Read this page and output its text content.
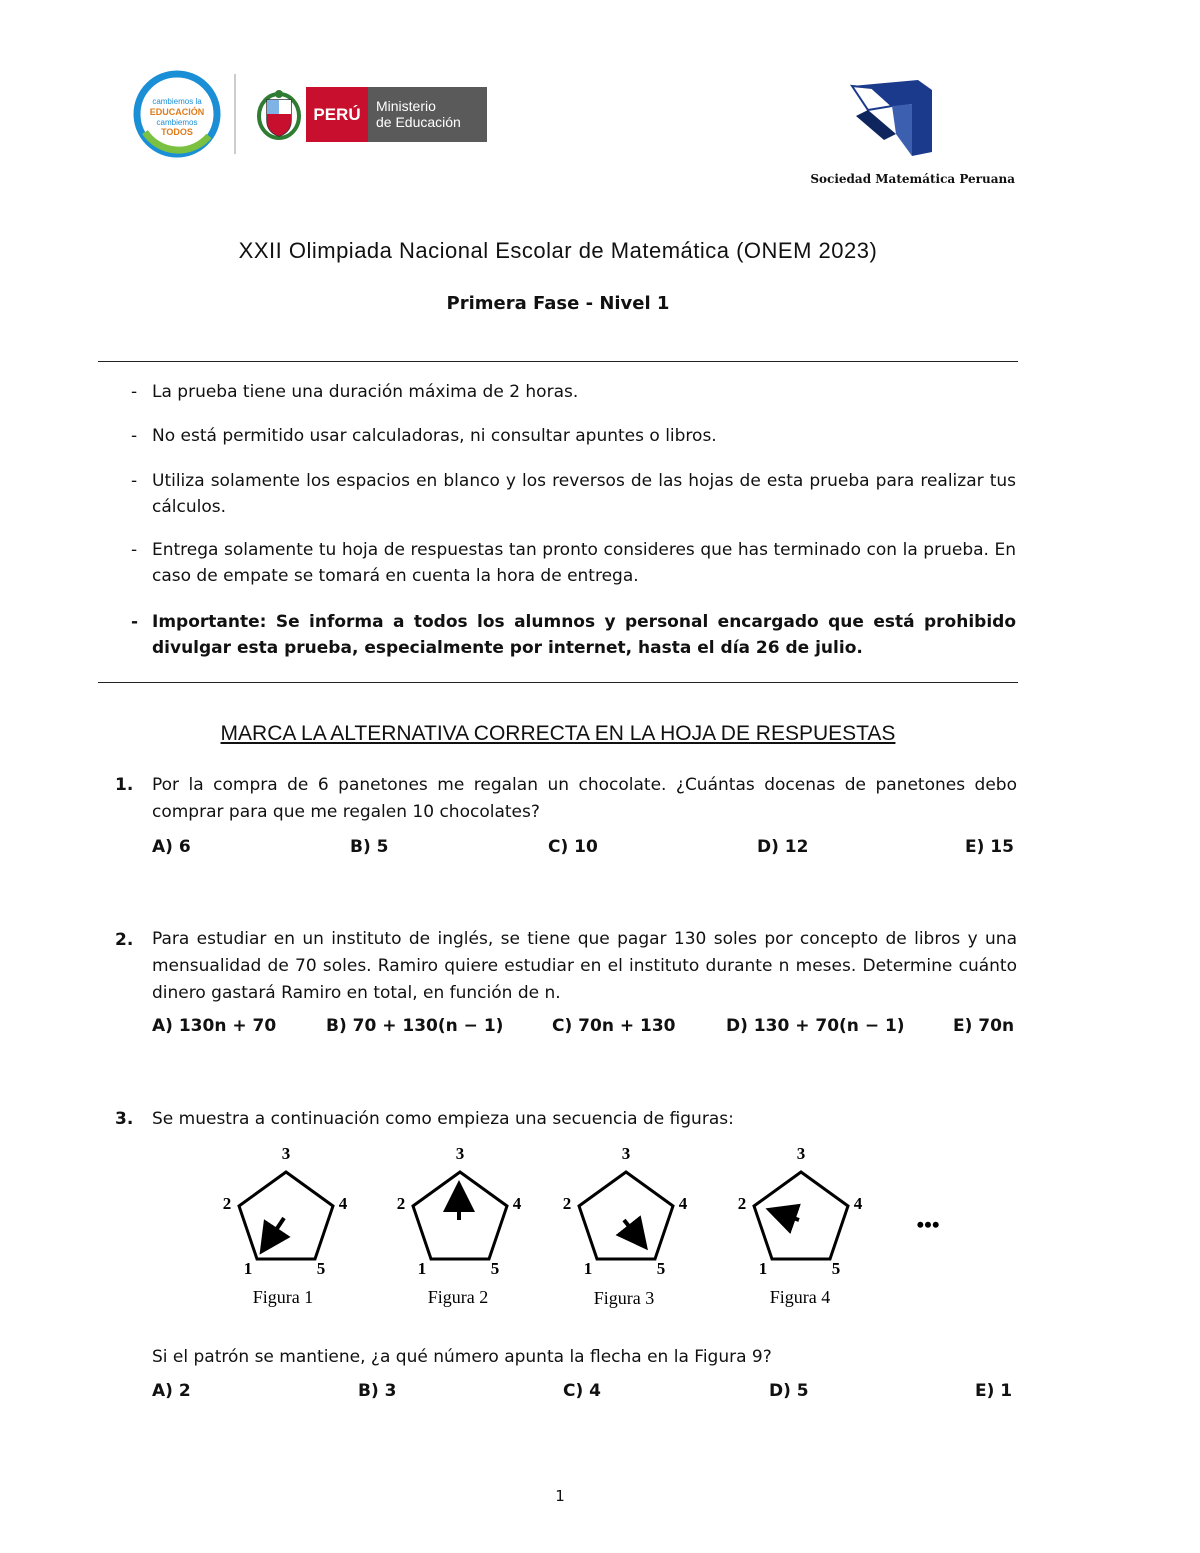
cambiemos la
EDUCACIÓN
cambiemos
TODOS
PERÚ	Ministerio
de Educación
Sociedad Matemática Peruana
XXII Olimpiada Nacional Escolar de Matemática (ONEM 2023)
Primera Fase - Nivel 1
- La prueba tiene una duración máxima de 2 horas.
- No está permitido usar calculadoras, ni consultar apuntes o libros.
- Utiliza solamente los espacios en blanco y los reversos de las hojas de esta prueba para realizar tus cálculos.
- Entrega solamente tu hoja de respuestas tan pronto consideres que has terminado con la prueba. En caso de empate se tomará en cuenta la hora de entrega.
- Importante: Se informa a todos los alumnos y personal encargado que está prohibido divulgar esta prueba, especialmente por internet, hasta el día 26 de julio.
MARCA LA ALTERNATIVA CORRECTA EN LA HOJA DE RESPUESTAS
1. Por la compra de 6 panetones me regalan un chocolate. ¿Cuántas docenas de panetones debo comprar para que me regalen 10 chocolates?
A) 6	B) 5	C) 10	D) 12	E) 15
2. Para estudiar en un instituto de inglés, se tiene que pagar 130 soles por concepto de libros y una mensualidad de 70 soles. Ramiro quiere estudiar en el instituto durante n meses. Determine cuánto dinero gastará Ramiro en total, en función de n.
A) 130n + 70	B) 70 + 130(n − 1)	C) 70n + 130	D) 130 + 70(n − 1)	E) 70n
3. Se muestra a continuación como empieza una secuencia de figuras:
3
2	4
1	5
Figura 1
3
2	4
1	5
Figura 2
3
2	4
1	5
Figura 3
3
2	4
1	5
Figura 4
•••
Si el patrón se mantiene, ¿a qué número apunta la flecha en la Figura 9?
A) 2	B) 3	C) 4	D) 5	E) 1
1
